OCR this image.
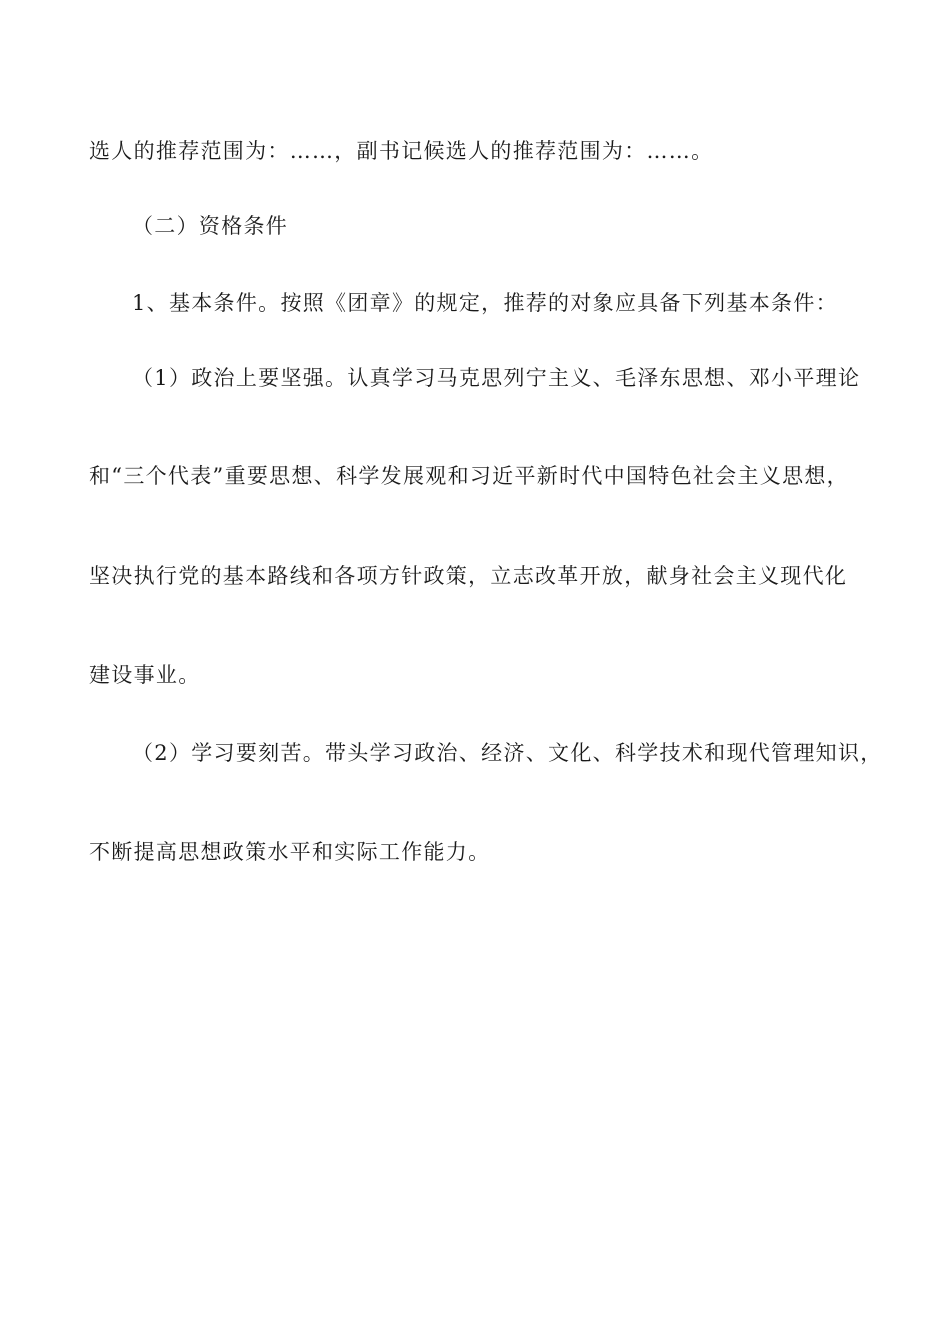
选人的推荐范围为：……，副书记候选人的推荐范围为：……。
（二）资格条件
1、基本条件。按照《团章》的规定，推荐的对象应具备下列基本条件：
（1）政治上要坚强。认真学习马克思列宁主义、毛泽东思想、邓小平理论
和“三个代表”重要思想、科学发展观和习近平新时代中国特色社会主义思想，
坚决执行党的基本路线和各项方针政策，立志改革开放，献身社会主义现代化
建设事业。
（2）学习要刻苦。带头学习政治、经济、文化、科学技术和现代管理知识，
不断提高思想政策水平和实际工作能力。
